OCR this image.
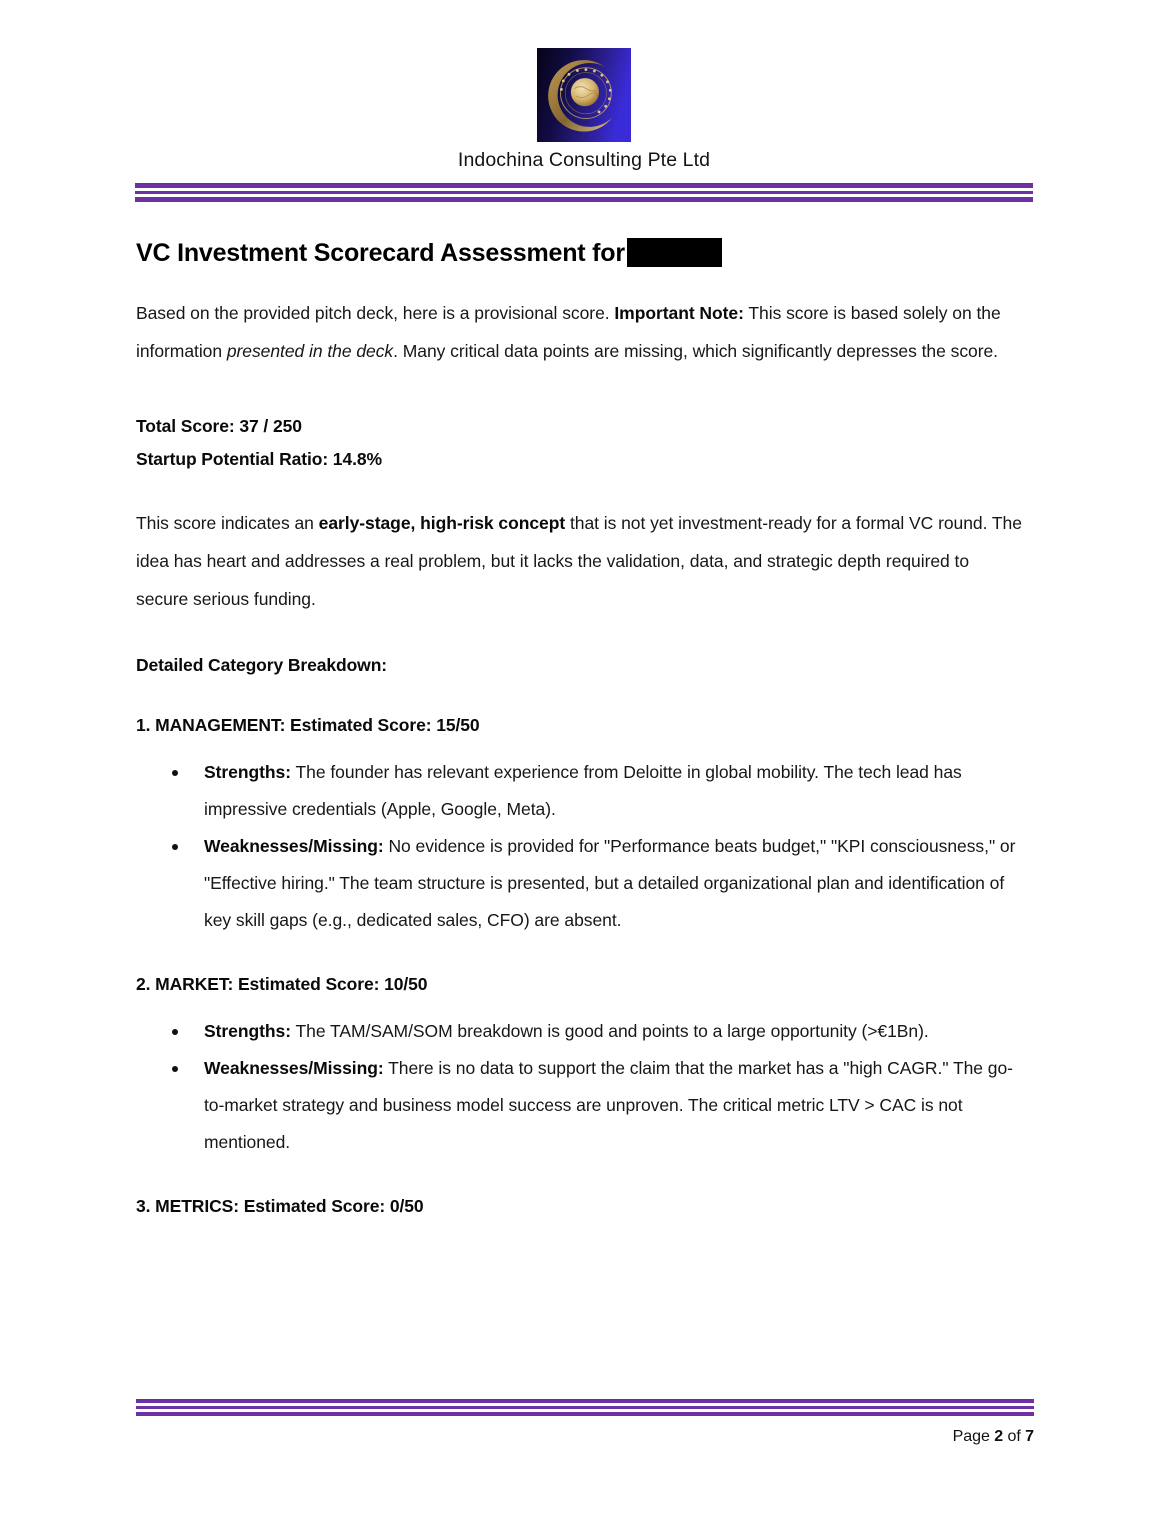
Indochina Consulting Pte Ltd
VC Investment Scorecard Assessment for

Based on the provided pitch deck, here is a provisional score. Important Note: This score is based solely on the information presented in the deck. Many critical data points are missing, which significantly depresses the score.

Total Score: 37 / 250

Startup Potential Ratio: 14.8%

This score indicates an early-stage, high-risk concept that is not yet investment-ready for a formal VC round. The idea has heart and addresses a real problem, but it lacks the validation, data, and strategic depth required to secure serious funding.

Detailed Category Breakdown:

1. MANAGEMENT: Estimated Score: 15/50

Strengths: The founder has relevant experience from Deloitte in global mobility. The tech lead has impressive credentials (Apple, Google, Meta).
Weaknesses/Missing: No evidence is provided for "Performance beats budget," "KPI consciousness," or "Effective hiring." The team structure is presented, but a detailed organizational plan and identification of key skill gaps (e.g., dedicated sales, CFO) are absent.

2. MARKET: Estimated Score: 10/50

Strengths: The TAM/SAM/SOM breakdown is good and points to a large opportunity (>€1Bn).
Weaknesses/Missing: There is no data to support the claim that the market has a "high CAGR." The go-to-market strategy and business model success are unproven. The critical metric LTV > CAC is not mentioned.

3. METRICS: Estimated Score: 0/50

Page 2 of 7
